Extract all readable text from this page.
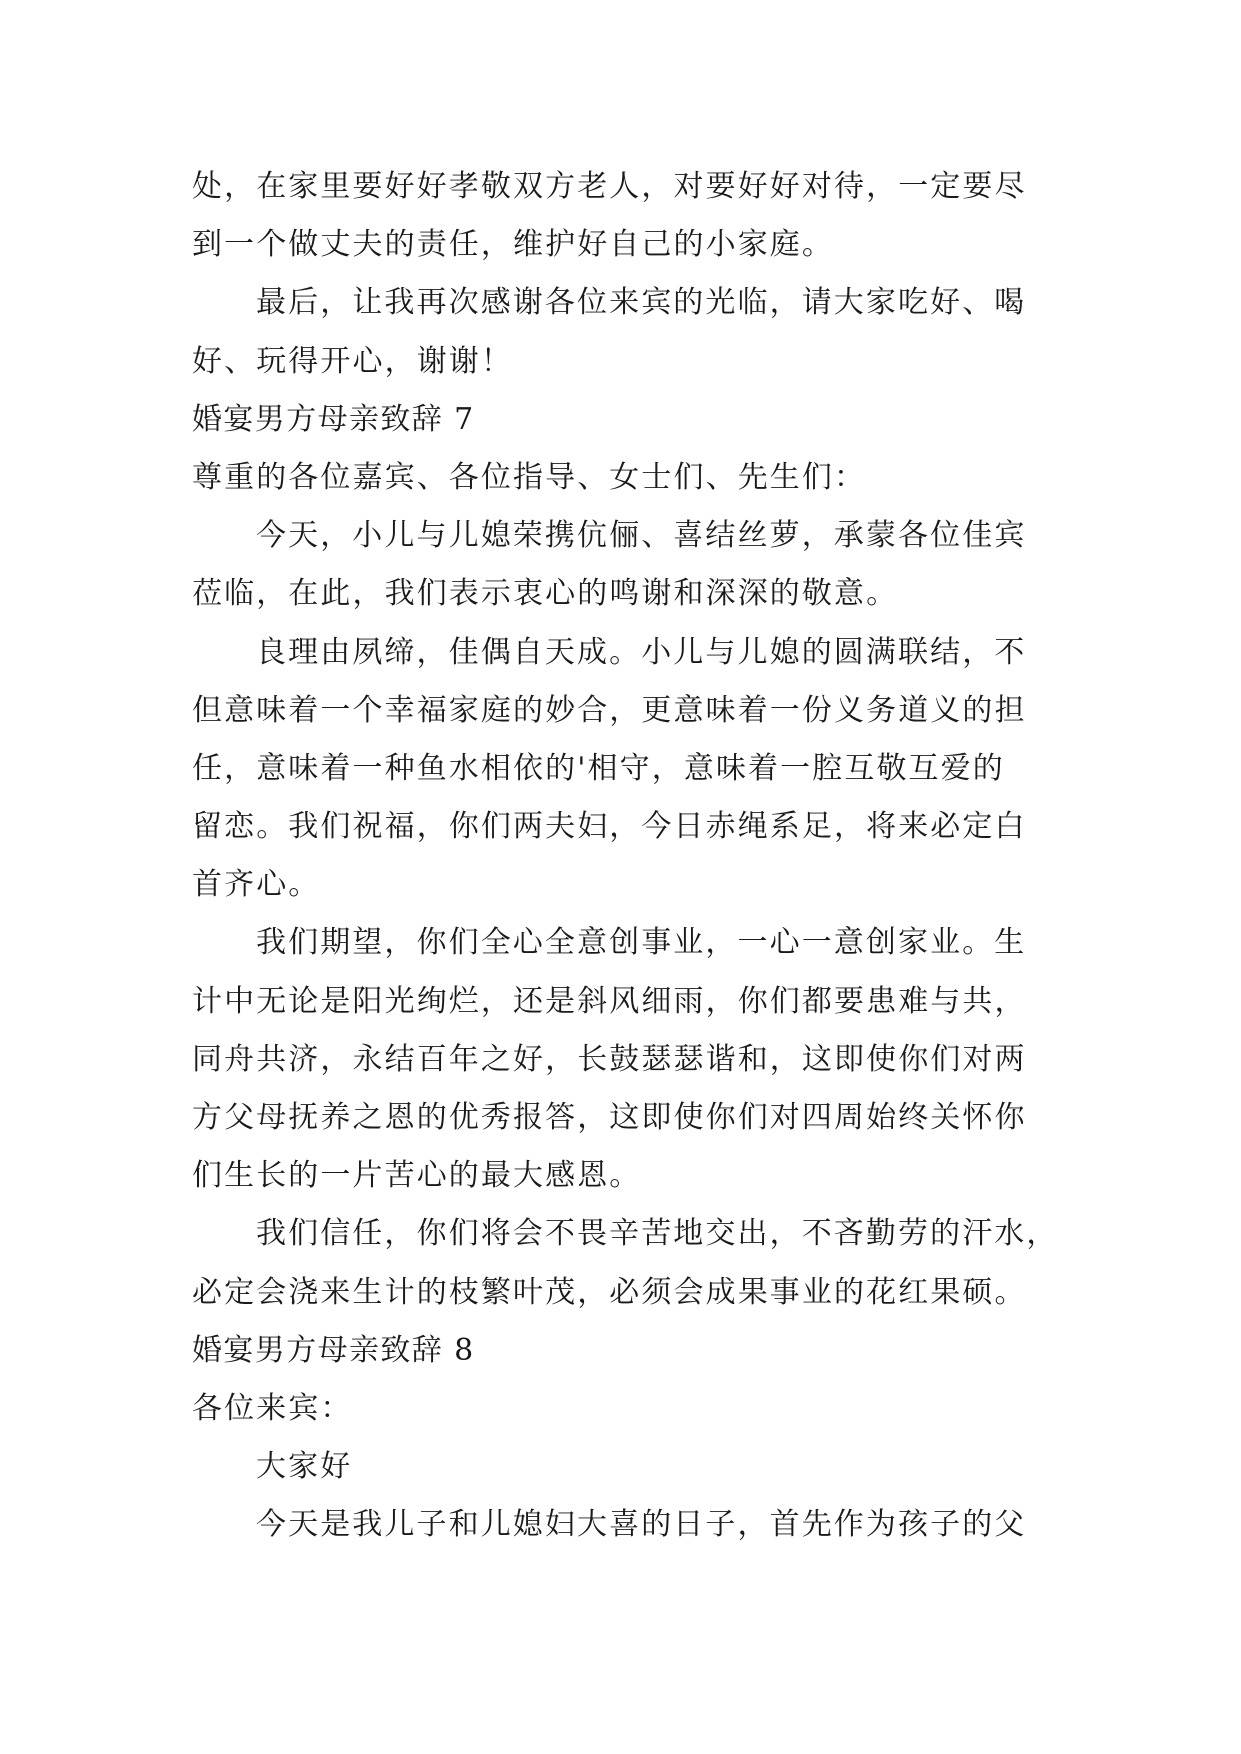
处，在家里要好好孝敬双方老人，对要好好对待，一定要尽
到一个做丈夫的责任，维护好自己的小家庭。
最后，让我再次感谢各位来宾的光临，请大家吃好、喝
好、玩得开心，谢谢！
婚宴男方母亲致辞 7
尊重的各位嘉宾、各位指导、女士们、先生们：
今天，小儿与儿媳荣携伉俪、喜结丝萝，承蒙各位佳宾
莅临，在此，我们表示衷心的鸣谢和深深的敬意。
良理由夙缔，佳偶自天成。小儿与儿媳的圆满联结，不
但意味着一个幸福家庭的妙合，更意味着一份义务道义的担
任，意味着一种鱼水相依的'相守，意味着一腔互敬互爱的
留恋。我们祝福，你们两夫妇，今日赤绳系足，将来必定白
首齐心。
我们期望，你们全心全意创事业，一心一意创家业。生
计中无论是阳光绚烂，还是斜风细雨，你们都要患难与共，
同舟共济，永结百年之好，长鼓瑟瑟谐和，这即使你们对两
方父母抚养之恩的优秀报答，这即使你们对四周始终关怀你
们生长的一片苦心的最大感恩。
我们信任，你们将会不畏辛苦地交出，不吝勤劳的汗水，
必定会浇来生计的枝繁叶茂，必须会成果事业的花红果硕。
婚宴男方母亲致辞 8
各位来宾：
大家好
今天是我儿子和儿媳妇大喜的日子，首先作为孩子的父
